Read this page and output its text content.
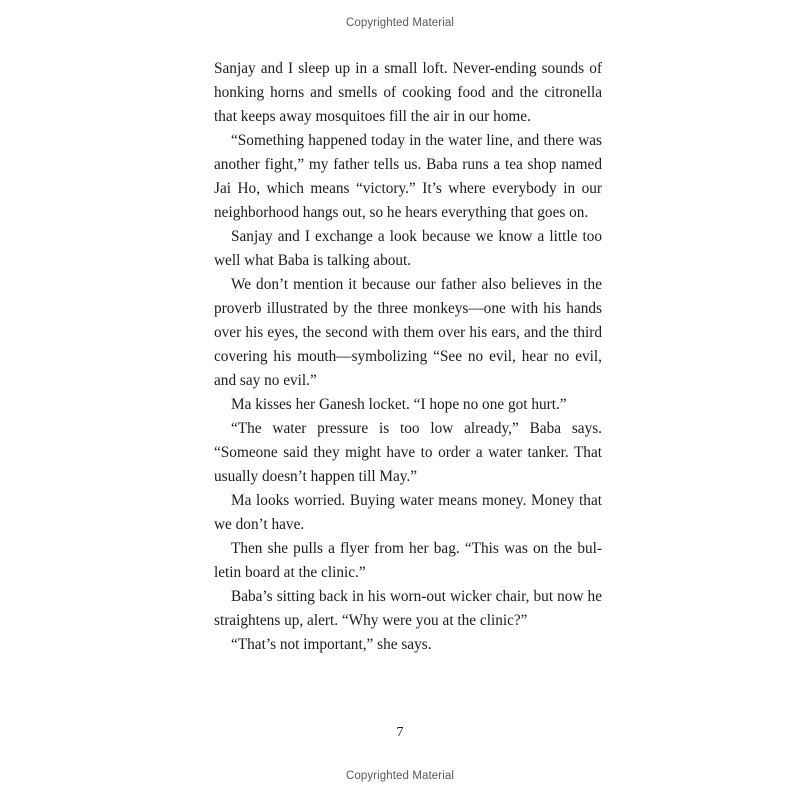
Copyrighted Material

Sanjay and I sleep up in a small loft. Never-ending sounds of honking horns and smells of cooking food and the citronella that keeps away mosquitoes fill the air in our home.

“Something happened today in the water line, and there was another fight,” my father tells us. Baba runs a tea shop named Jai Ho, which means “victory.” It’s where everybody in our neighborhood hangs out, so he hears everything that goes on.

Sanjay and I exchange a look because we know a little too well what Baba is talking about.

We don’t mention it because our father also believes in the proverb illustrated by the three monkeys—one with his hands over his eyes, the second with them over his ears, and the third covering his mouth—symbolizing “See no evil, hear no evil, and say no evil.”

Ma kisses her Ganesh locket. “I hope no one got hurt.”

“The water pressure is too low already,” Baba says. “Someone said they might have to order a water tanker. That usually doesn’t happen till May.”

Ma looks worried. Buying water means money. Money that we don’t have.

Then she pulls a flyer from her bag. “This was on the bulletin board at the clinic.”

Baba’s sitting back in his worn-out wicker chair, but now he straightens up, alert. “Why were you at the clinic?”

“That’s not important,” she says.

7
Copyrighted Material
